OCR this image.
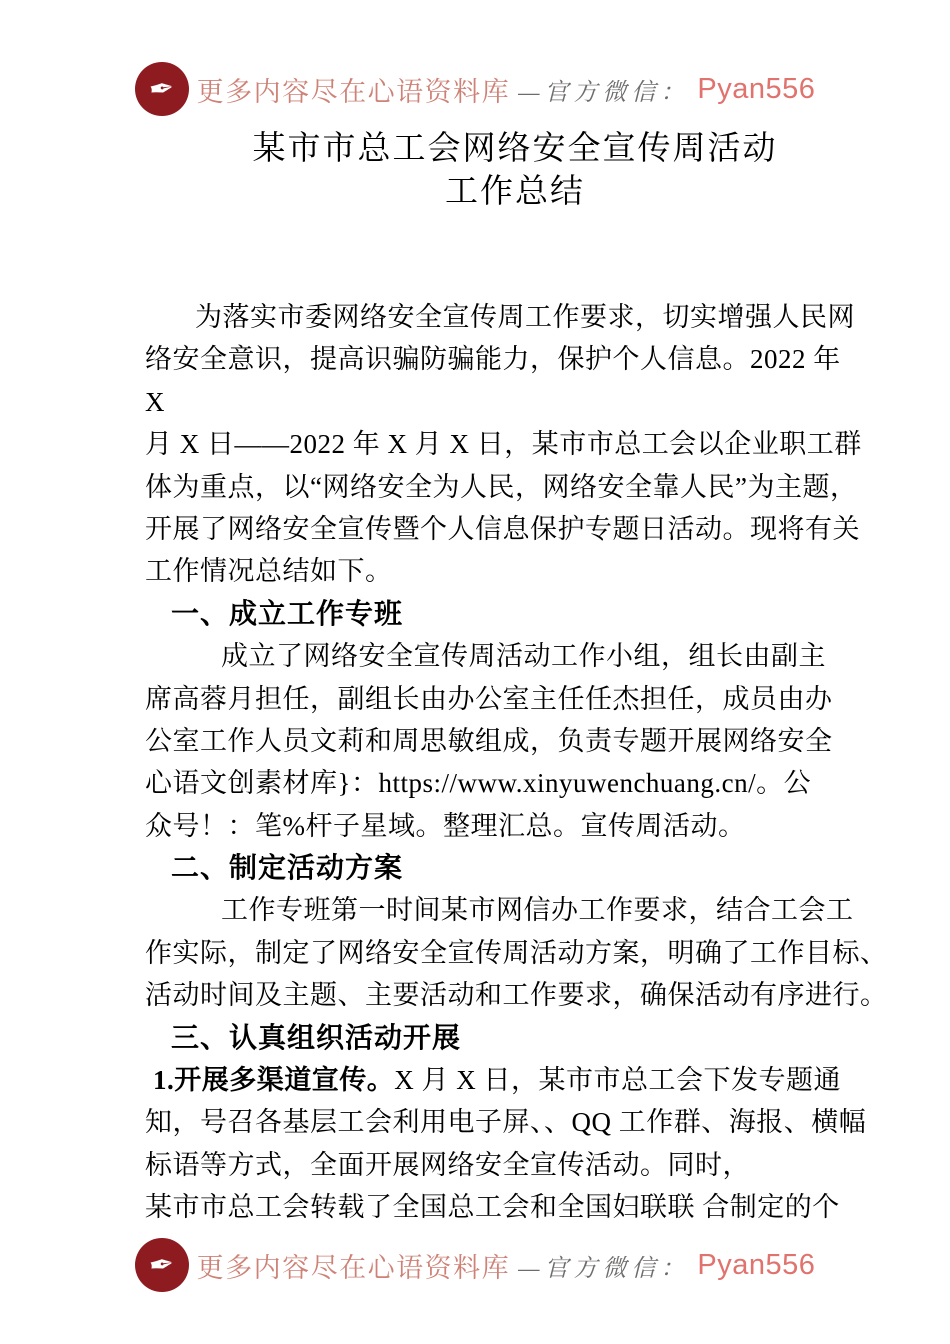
✒ 更多内容尽在心语资料库 —官方微信： Pyan556
某市市总工会网络安全宣传周活动
工作总结
为落实市委网络安全宣传周工作要求，切实增强人民网
络安全意识，提高识骗防骗能力，保护个人信息。2022 年
X
月 X 日——2022 年 X 月 X 日，某市市总工会以企业职工群
体为重点，以“网络安全为人民，网络安全靠人民”为主题，
开展了网络安全宣传暨个人信息保护专题日活动。现将有关
工作情况总结如下。
一、成立工作专班
成立了网络安全宣传周活动工作小组，组长由副主
席高蓉月担任，副组长由办公室主任任杰担任，成员由办
公室工作人员文莉和周思敏组成，负责专题开展网络安全
心语文创素材库}：https://www.xinyuwenchuang.cn/。公
众号！：笔%杆子星域。整理汇总。宣传周活动。
二、制定活动方案
工作专班第一时间某市网信办工作要求，结合工会工
作实际，制定了网络安全宣传周活动方案，明确了工作目标、
活动时间及主题、主要活动和工作要求，确保活动有序进行。
三、认真组织活动开展
1.开展多渠道宣传。X 月 X 日，某市市总工会下发专题通
知，号召各基层工会利用电子屏、、QQ 工作群、海报、横幅
标语等方式，全面开展网络安全宣传活动。同时，
某市市总工会转载了全国总工会和全国妇联联 合制定的个
✒ 更多内容尽在心语资料库 —官方微信： Pyan556
